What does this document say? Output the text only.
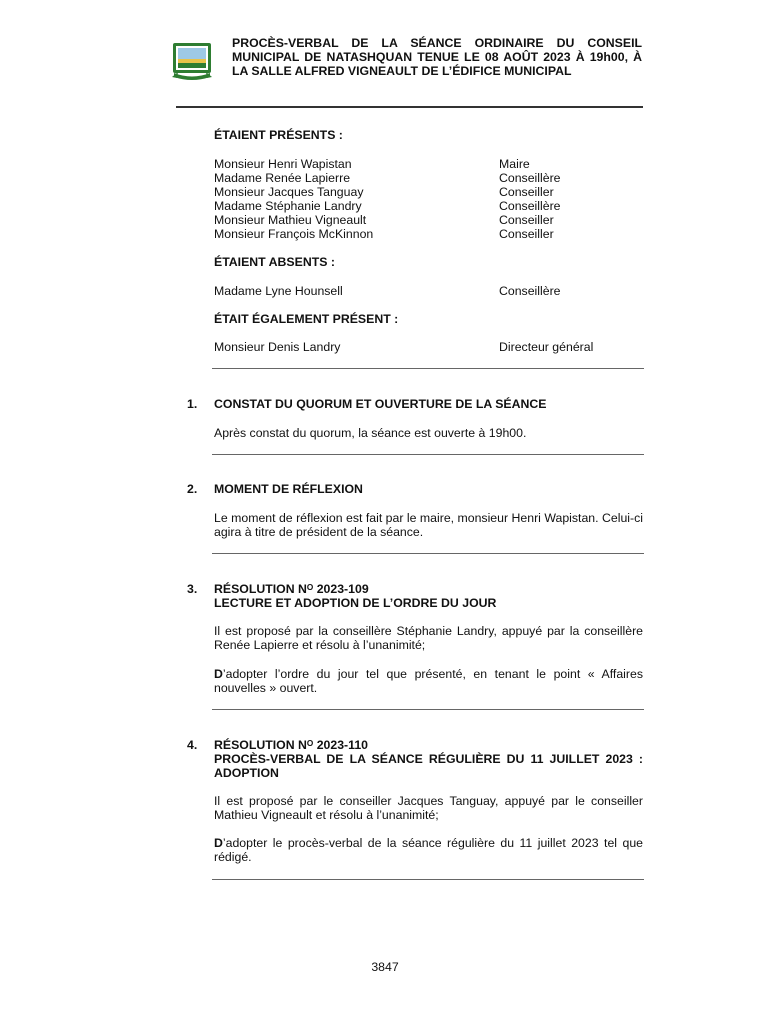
PROCÈS-VERBAL DE LA SÉANCE ORDINAIRE DU CONSEIL MUNICIPAL DE NATASHQUAN TENUE LE 08 AOÛT 2023 À 19h00, À LA SALLE ALFRED VIGNEAULT DE L’ÉDIFICE MUNICIPAL
ÉTAIENT PRÉSENTS :
Monsieur Henri Wapistan	Maire
Madame Renée Lapierre	Conseillère
Monsieur Jacques Tanguay	Conseiller
Madame Stéphanie Landry	Conseillère
Monsieur Mathieu Vigneault	Conseiller
Monsieur François McKinnon	Conseiller
ÉTAIENT ABSENTS :
Madame Lyne Hounsell	Conseillère
ÉTAIT ÉGALEMENT PRÉSENT :
Monsieur Denis Landry	Directeur général
1. CONSTAT DU QUORUM ET OUVERTURE DE LA SÉANCE
Après constat du quorum, la séance est ouverte à 19h00.
2. MOMENT DE RÉFLEXION
Le moment de réflexion est fait par le maire, monsieur Henri Wapistan. Celui-ci agira à titre de président de la séance.
3. RÉSOLUTION Nᴼ 2023-109
LECTURE ET ADOPTION DE L’ORDRE DU JOUR
Il est proposé par la conseillère Stéphanie Landry, appuyé par la conseillère Renée Lapierre et résolu à l’unanimité;
D’adopter l’ordre du jour tel que présenté, en tenant le point « Affaires nouvelles » ouvert.
4. RÉSOLUTION Nᴼ 2023-110
PROCÈS-VERBAL DE LA SÉANCE RÉGULIÈRE DU 11 JUILLET 2023 : ADOPTION
Il est proposé par le conseiller Jacques Tanguay, appuyé par le conseiller Mathieu Vigneault et résolu à l’unanimité;
D’adopter le procès-verbal de la séance régulière du 11 juillet 2023 tel que rédigé.
3847
